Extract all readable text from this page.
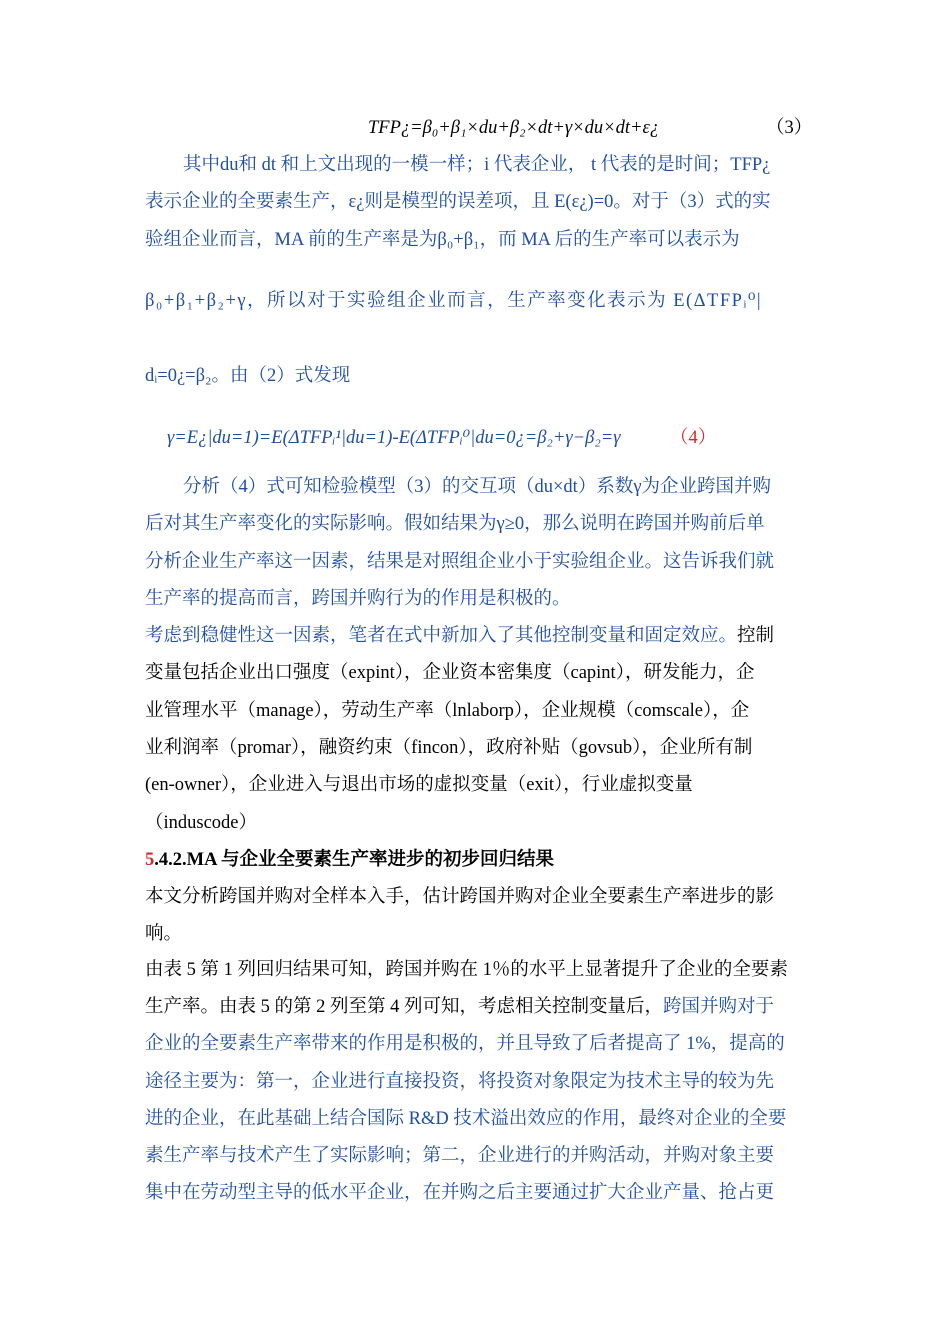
TFP¿=β₀+β₁×du+β₂×dt+γ×du×dt+ε¿	（3）
其中du和 dt 和上文出现的一模一样；i 代表企业， t 代表的是时间；TFP¿
表示企业的全要素生产，ε¿则是模型的误差项，且 E(ε¿)=0。对于（3）式的实
验组企业而言，MA 前的生产率是为β₀+β₁，而 MA 后的生产率可以表示为
β₀+β₁+β₂+γ，所以对于实验组企业而言，生产率变化表示为 E(ΔTFPᵢ⁰|
dᵢ=0¿=β₂。由（2）式发现
γ=E¿|du=1)=E(ΔTFPᵢ¹|du=1)-E(ΔTFPᵢ⁰|du=0¿=β₂+γ−β₂=γ	（4）
分析（4）式可知检验模型（3）的交互项（du×dt）系数γ为企业跨国并购
后对其生产率变化的实际影响。假如结果为γ≥0，那么说明在跨国并购前后单
分析企业生产率这一因素，结果是对照组企业小于实验组企业。这告诉我们就
生产率的提高而言，跨国并购行为的作用是积极的。
考虑到稳健性这一因素，笔者在式中新加入了其他控制变量和固定效应。控制
变量包括企业出口强度（expint），企业资本密集度（capint），研发能力，企
业管理水平（manage），劳动生产率（lnlaborp），企业规模（comscale），企
业利润率（promar），融资约束（fincon），政府补贴（govsub），企业所有制
(en-owner），企业进入与退出市场的虚拟变量（exit），行业虚拟变量
（induscode）
5.4.2.MA 与企业全要素生产率进步的初步回归结果
本文分析跨国并购对全样本入手，估计跨国并购对企业全要素生产率进步的影
响。
由表 5 第 1 列回归结果可知，跨国并购在 1％的水平上显著提升了企业的全要素
生产率。由表 5 的第 2 列至第 4 列可知，考虑相关控制变量后，跨国并购对于
企业的全要素生产率带来的作用是积极的，并且导致了后者提高了 1%，提高的
途径主要为：第一，企业进行直接投资，将投资对象限定为技术主导的较为先
进的企业，在此基础上结合国际 R&D 技术溢出效应的作用，最终对企业的全要
素生产率与技术产生了实际影响；第二，企业进行的并购活动，并购对象主要
集中在劳动型主导的低水平企业，在并购之后主要通过扩大企业产量、抢占更
